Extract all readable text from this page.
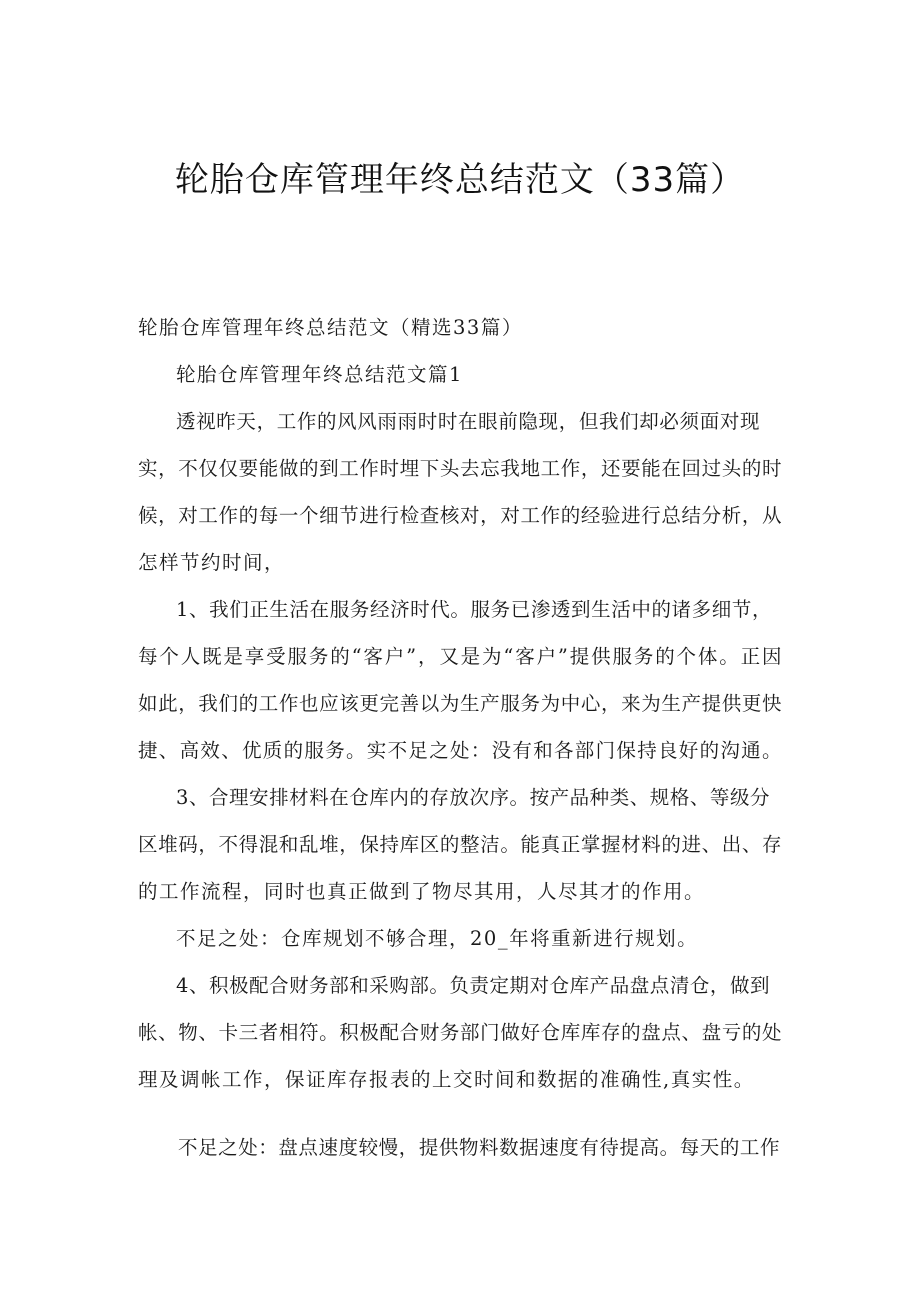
轮胎仓库管理年终总结范文（33篇）
轮胎仓库管理年终总结范文（精选33篇）
轮胎仓库管理年终总结范文篇1
透视昨天，工作的风风雨雨时时在眼前隐现，但我们却必须面对现
实，不仅仅要能做的到工作时埋下头去忘我地工作，还要能在回过头的时
候，对工作的每一个细节进行检查核对，对工作的经验进行总结分析，从
怎样节约时间，
1、我们正生活在服务经济时代。服务已渗透到生活中的诸多细节，
每个人既是享受服务的“客户”，又是为“客户”提供服务的个体。正因
如此，我们的工作也应该更完善以为生产服务为中心，来为生产提供更快
捷、高效、优质的服务。实不足之处：没有和各部门保持良好的沟通。
3、合理安排材料在仓库内的存放次序。按产品种类、规格、等级分
区堆码，不得混和乱堆，保持库区的整洁。能真正掌握材料的进、出、存
的工作流程，同时也真正做到了物尽其用，人尽其才的作用。
不足之处：仓库规划不够合理，20_年将重新进行规划。
4、积极配合财务部和采购部。负责定期对仓库产品盘点清仓，做到
帐、物、卡三者相符。积极配合财务部门做好仓库库存的盘点、盘亏的处
理及调帐工作，保证库存报表的上交时间和数据的准确性,真实性。
不足之处：盘点速度较慢，提供物料数据速度有待提高。每天的工作
